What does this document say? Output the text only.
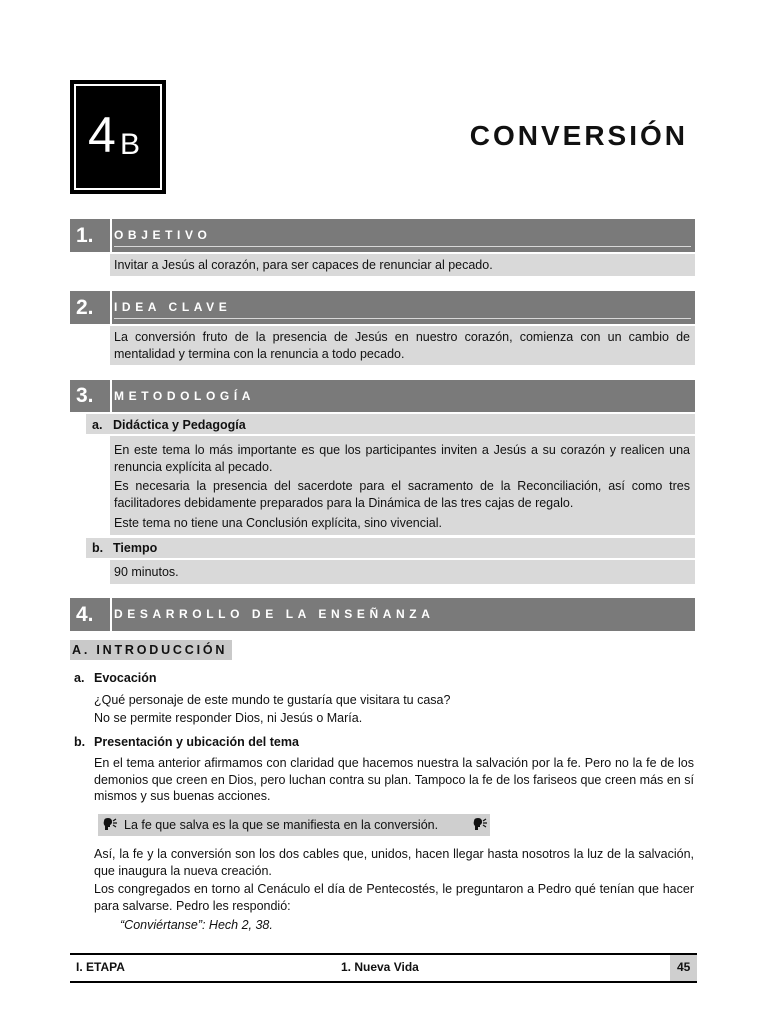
4 B	CONVERSIÓN
1. OBJETIVO
Invitar a Jesús al corazón, para ser capaces de renunciar al pecado.
2. IDEA CLAVE
La conversión fruto de la presencia de Jesús en nuestro corazón, comienza con un cambio de mentalidad y termina con la renuncia a todo pecado.
3. METODOLOGÍA
a. Didáctica y Pedagogía
En este tema lo más importante es que los participantes inviten a Jesús a su corazón y realicen una renuncia explícita al pecado.
Es necesaria la presencia del sacerdote para el sacramento de la Reconciliación, así como tres facilitadores debidamente preparados para la Dinámica de las tres cajas de regalo.
Este tema no tiene una Conclusión explícita, sino vivencial.
b. Tiempo
90 minutos.
4. DESARROLLO DE LA ENSEÑANZA
A. INTRODUCCIÓN
a. Evocación
¿Qué personaje de este mundo te gustaría que visitara tu casa?
No se permite responder Dios, ni Jesús o María.
b. Presentación y ubicación del tema
En el tema anterior afirmamos con claridad que hacemos nuestra la salvación por la fe. Pero no la fe de los demonios que creen en Dios, pero luchan contra su plan. Tampoco la fe de los fariseos que creen más en sí mismos y sus buenas acciones.
La fe que salva es la que se manifiesta en la conversión.
Así, la fe y la conversión son los dos cables que, unidos, hacen llegar hasta nosotros la luz de la salvación, que inaugura la nueva creación.
Los congregados en torno al Cenáculo el día de Pentecostés, le preguntaron a Pedro qué tenían que hacer para salvarse. Pedro les respondió:
“Conviértanse”: Hech 2, 38.
I. ETAPA	1. Nueva Vida	45
